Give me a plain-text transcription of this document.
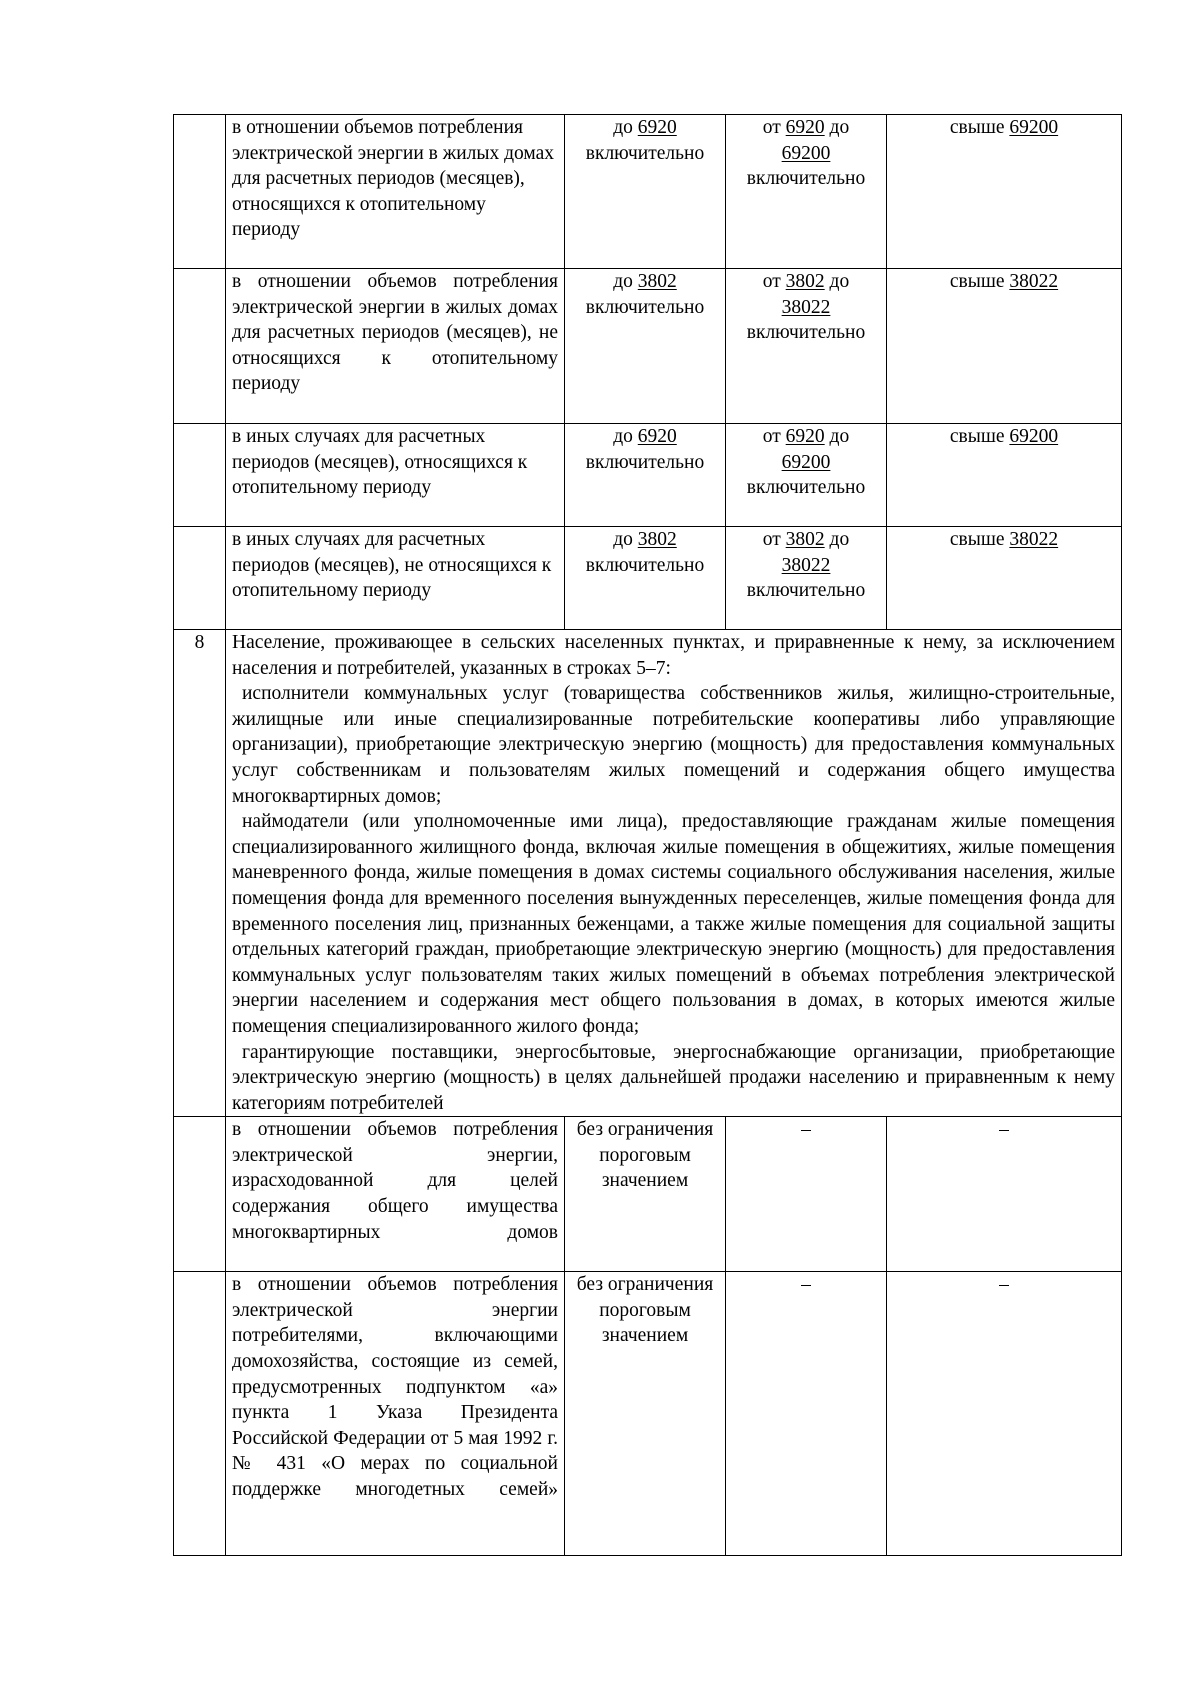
	в отношении объемов потребления электрической энергии в жилых домах для расчетных периодов (месяцев), относящихся к отопительному периоду	до 6920
включительно	от 6920 до
69200
включительно	свыше 69200
	в отношении объемов потребления электрической энергии в жилых домах для расчетных периодов (месяцев), не относящихся к отопительному периоду	до 3802
включительно	от 3802 до
38022
включительно	свыше 38022
	в иных случаях для расчетных периодов (месяцев), относящихся к отопительному периоду	до 6920
включительно	от 6920 до
69200
включительно	свыше 69200
	в иных случаях для расчетных периодов (месяцев), не относящихся к отопительному периоду	до 3802
включительно	от 3802 до
38022
включительно	свыше 38022
8	Население, проживающее в сельских населенных пунктах, и приравненные к нему, за исключением населения и потребителей, указанных в строках 5–7:

исполнители коммунальных услуг (товарищества собственников жилья, жилищно-строительные, жилищные или иные специализированные потребительские кооперативы либо управляющие организации), приобретающие электрическую энергию (мощность) для предоставления коммунальных услуг собственникам и пользователям жилых помещений и содержания общего имущества многоквартирных домов;

наймодатели (или уполномоченные ими лица), предоставляющие гражданам жилые помещения специализированного жилищного фонда, включая жилые помещения в общежитиях, жилые помещения маневренного фонда, жилые помещения в домах системы социального обслуживания населения, жилые помещения фонда для временного поселения вынужденных переселенцев, жилые помещения фонда для временного поселения лиц, признанных беженцами, а также жилые помещения для социальной защиты отдельных категорий граждан, приобретающие электрическую энергию (мощность) для предоставления коммунальных услуг пользователям таких жилых помещений в объемах потребления электрической энергии населением и содержания мест общего пользования в домах, в которых имеются жилые помещения специализированного жилого фонда;

гарантирующие поставщики, энергосбытовые, энергоснабжающие организации, приобретающие электрическую энергию (мощность) в целях дальнейшей продажи населению и приравненным к нему категориям потребителей			

	в отношении объемов потребления электрической энергии, израсходованной для целей содержания общего имущества многоквартирных домов	без ограничения пороговым значением	–	–
	в отношении объемов потребления электрической энергии потребителями, включающими домохозяйства, состоящие из семей, предусмотренных подпунктом «а» пункта 1 Указа Президента Российской Федерации от 5 мая 1992 г. № 431 «О мерах по социальной поддержке многодетных семей»	без ограничения пороговым значением	–	–
